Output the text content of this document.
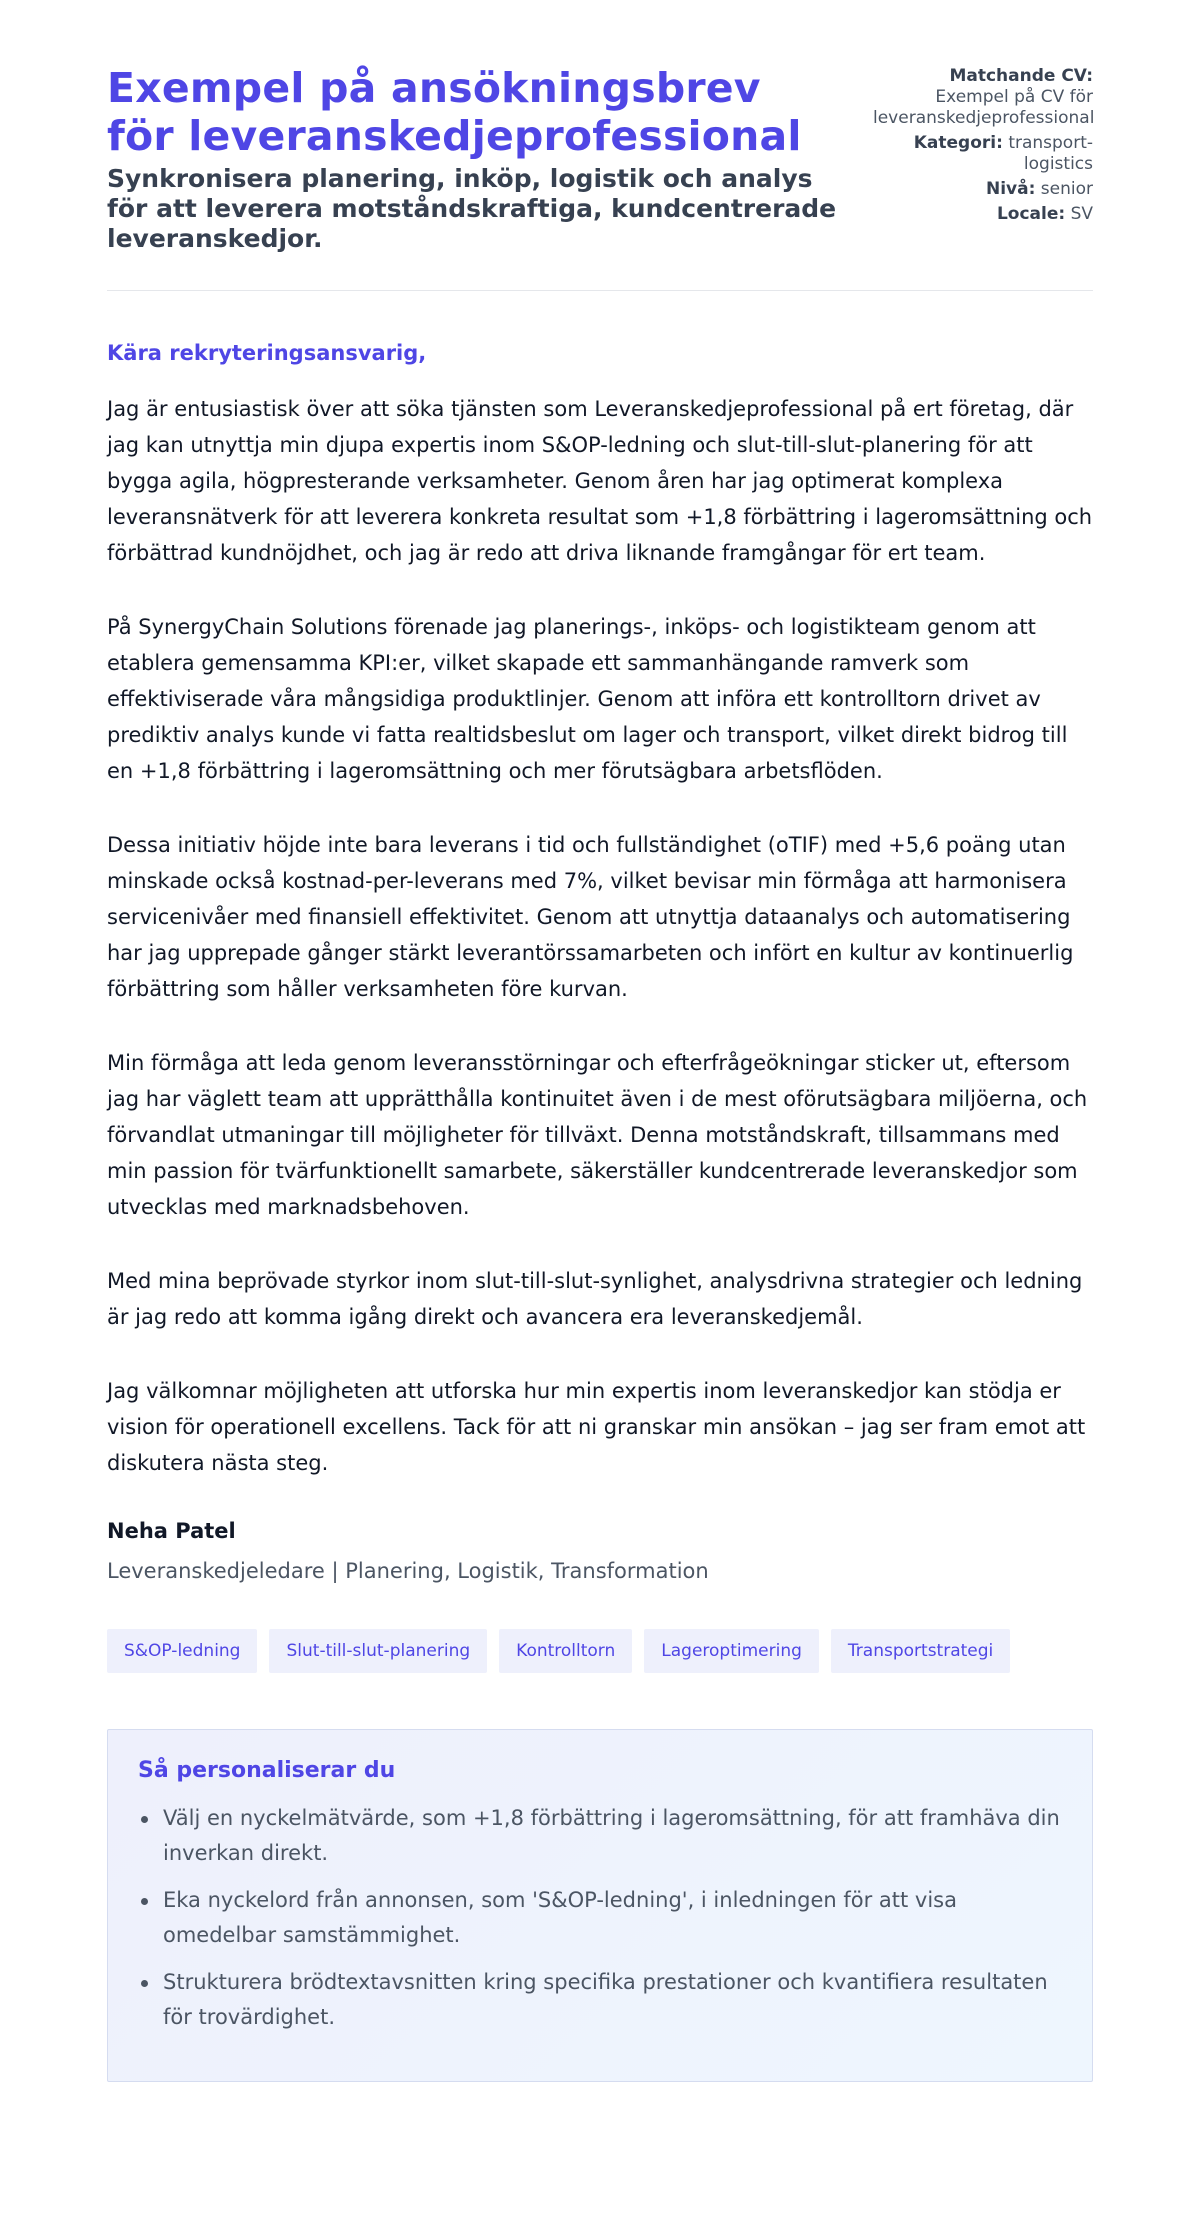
Exempel på ansökningsbrev för leveranskedjeprofessional
Synkronisera planering, inköp, logistik och analys för att leverera motståndskraftiga, kundcentrerade leveranskedjor.
Matchande CV: Exempel på CV för leveranskedjeprofessional
Kategori: transport-logistics
Nivå: senior
Locale: SV
Kära rekryteringsansvarig,

Jag är entusiastisk över att söka tjänsten som Leveranskedjeprofessional på ert företag, där jag kan utnyttja min djupa expertis inom S&OP-ledning och slut-till-slut-planering för att bygga agila, högpresterande verksamheter. Genom åren har jag optimerat komplexa leveransnätverk för att leverera konkreta resultat som +1,8 förbättring i lageromsättning och förbättrad kundnöjdhet, och jag är redo att driva liknande framgångar för ert team.

På SynergyChain Solutions förenade jag planerings-, inköps- och logistikteam genom att etablera gemensamma KPI:er, vilket skapade ett sammanhängande ramverk som effektiviserade våra mångsidiga produktlinjer. Genom att införa ett kontrolltorn drivet av prediktiv analys kunde vi fatta realtidsbeslut om lager och transport, vilket direkt bidrog till en +1,8 förbättring i lageromsättning och mer förutsägbara arbetsflöden.

Dessa initiativ höjde inte bara leverans i tid och fullständighet (oTIF) med +5,6 poäng utan minskade också kostnad-per-leverans med 7%, vilket bevisar min förmåga att harmonisera servicenivåer med finansiell effektivitet. Genom att utnyttja dataanalys och automatisering har jag upprepade gånger stärkt leverantörssamarbeten och infört en kultur av kontinuerlig förbättring som håller verksamheten före kurvan.

Min förmåga att leda genom leveransstörningar och efterfrågeökningar sticker ut, eftersom jag har väglett team att upprätthålla kontinuitet även i de mest oförutsägbara miljöerna, och förvandlat utmaningar till möjligheter för tillväxt. Denna motståndskraft, tillsammans med min passion för tvärfunktionellt samarbete, säkerställer kundcentrerade leveranskedjor som utvecklas med marknadsbehoven.

Med mina beprövade styrkor inom slut-till-slut-synlighet, analysdrivna strategier och ledning är jag redo att komma igång direkt och avancera era leveranskedjemål.

Jag välkomnar möjligheten att utforska hur min expertis inom leveranskedjor kan stödja er vision för operationell excellens. Tack för att ni granskar min ansökan – jag ser fram emot att diskutera nästa steg.

Neha Patel
Leveranskedjeledare | Planering, Logistik, Transformation
S&OP-ledning	Slut-till-slut-planering	Kontrolltorn	Lageroptimering	Transportstrategi
Så personaliserar du
Välj en nyckelmätvärde, som +1,8 förbättring i lageromsättning, för att framhäva din inverkan direkt.
Eka nyckelord från annonsen, som 'S&OP-ledning', i inledningen för att visa omedelbar samstämmighet.
Strukturera brödtextavsnitten kring specifika prestationer och kvantifiera resultaten för trovärdighet.
